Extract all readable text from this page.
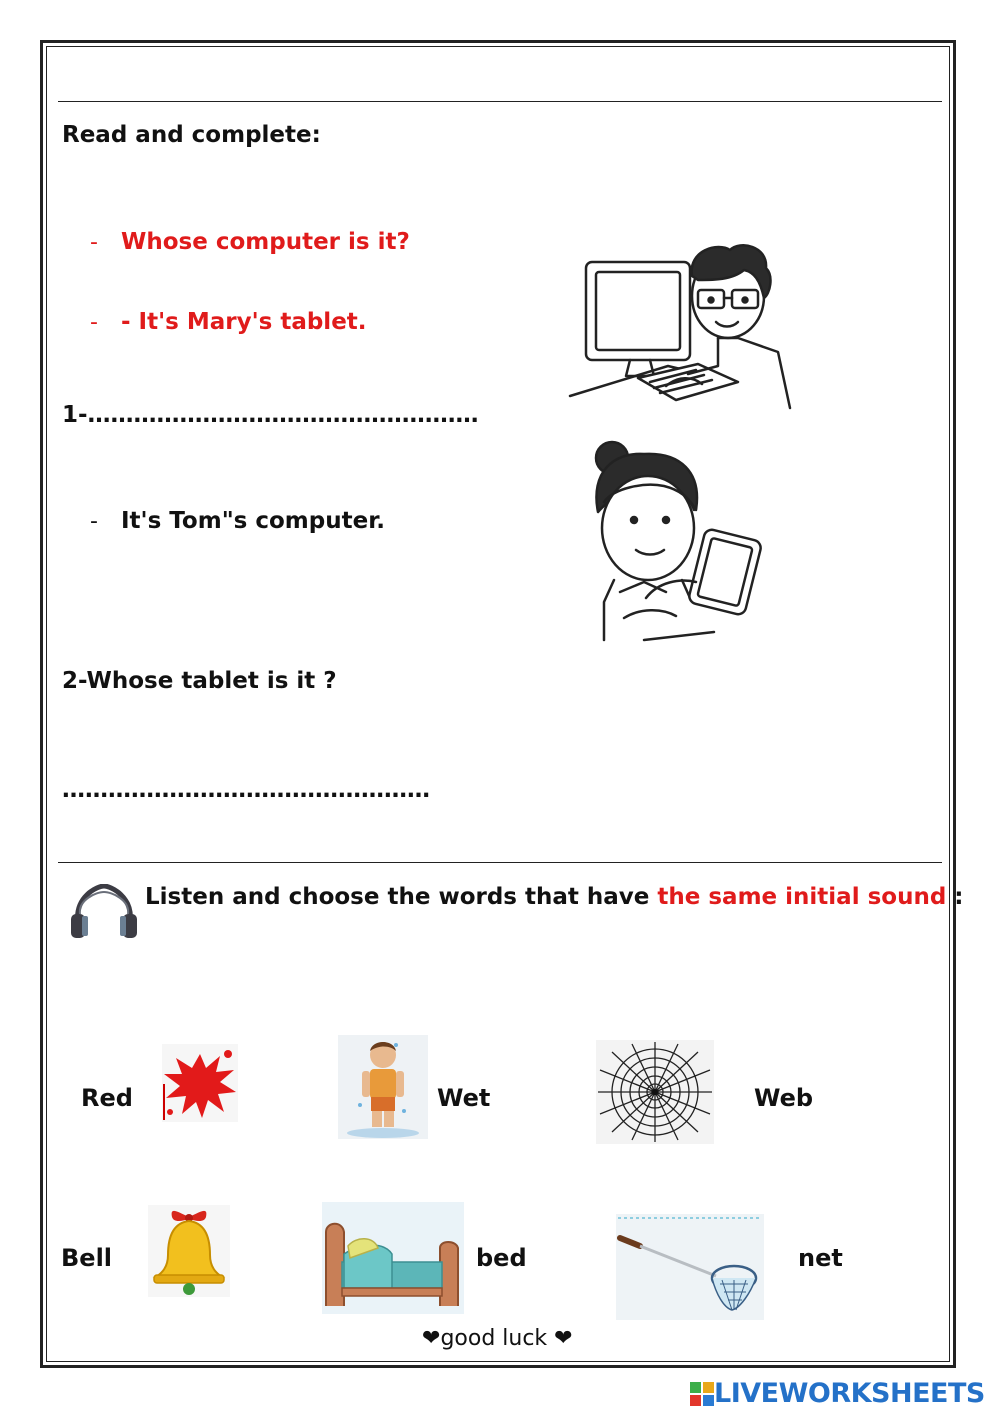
Read and complete:
- Whose computer is it?
- - It's Mary's tablet.
1-……………………………………………
- It's Tom"s computer.
2-Whose tablet is it ?
…………………………………………
Listen and choose the words that have the same initial sound :
Red	Wet	Web
Bell	bed	net
❤good luck ❤
LIVEWORKSHEETS
